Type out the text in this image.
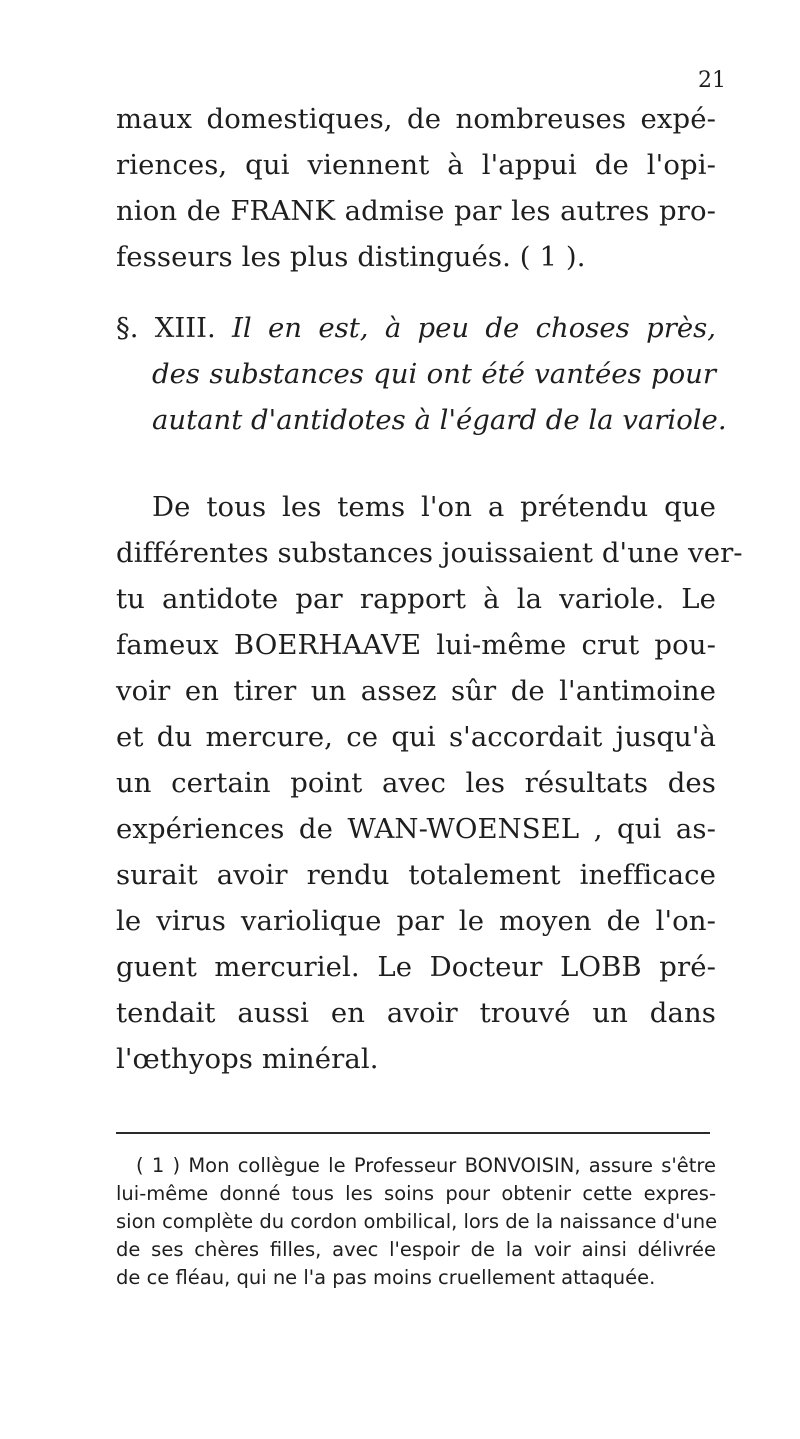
21
maux domestiques, de nombreuses expé-
riences, qui viennent à l'appui de l'opi-
nion de FRANK admise par les autres pro-
fesseurs les plus distingués. ( 1 ).
§. XIII. Il en est, à peu de choses près,
des substances qui ont été vantées pour
autant d'antidotes à l'égard de la variole.
De tous les tems l'on a prétendu que
différentes substances jouissaient d'une ver-
tu antidote par rapport à la variole. Le
fameux BOERHAAVE lui-même crut pou-
voir en tirer un assez sûr de l'antimoine
et du mercure, ce qui s'accordait jusqu'à
un certain point avec les résultats des
expériences de WAN-WOENSEL , qui as-
surait avoir rendu totalement inefficace
le virus variolique par le moyen de l'on-
guent mercuriel. Le Docteur LOBB pré-
tendait aussi en avoir trouvé un dans
l'œthyops minéral.
( 1 ) Mon collègue le Professeur BONVOISIN, assure s'être
lui-même donné tous les soins pour obtenir cette expres-
sion complète du cordon ombilical, lors de la naissance d'une
de ses chères filles, avec l'espoir de la voir ainsi délivrée
de ce fléau, qui ne l'a pas moins cruellement attaquée.
